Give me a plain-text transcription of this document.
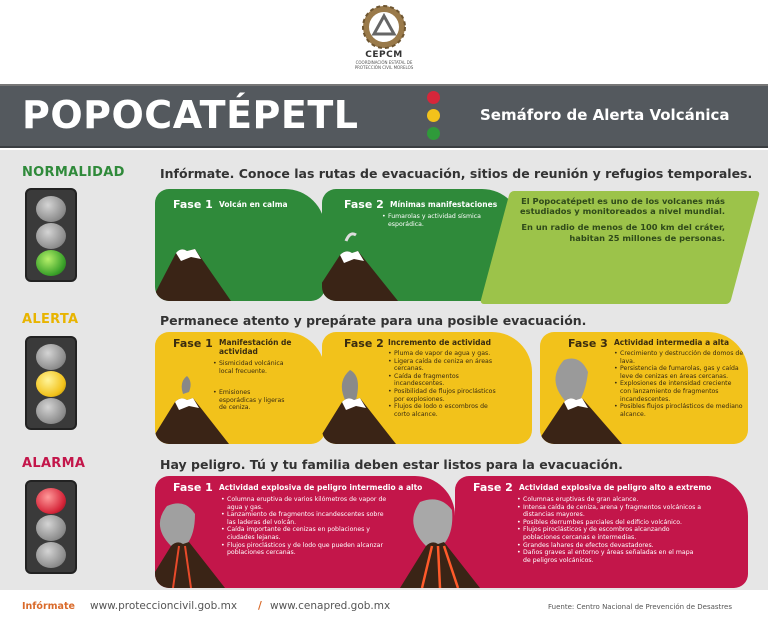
CEPCM
COORDINACIÓN ESTATAL DE PROTECCIÓN CIVIL MORELOS
POPOCATÉPETL	Semáforo de Alerta Volcánica
NORMALIDAD	Infórmate. Conoce las rutas de evacuación, sitios de reunión y refugios temporales.
Fase 1 Volcán en calma	Fase 2 Mínimas manifestaciones
• Fumarolas y actividad sísmica esporádica.
El Popocatépetl es uno de los volcanes más estudiados y monitoreados a nivel mundial.
En un radio de menos de 100 km del cráter, habitan 25 millones de personas.
ALERTA	Permanece atento y prepárate para una posible evacuación.
Fase 1 Manifestación de actividad
• Sismicidad volcánica local frecuente.
• Emisiones esporádicas y ligeras de ceniza.
Fase 2 Incremento de actividad
• Pluma de vapor de agua y gas.
• Ligera caída de ceniza en áreas cercanas.
• Caída de fragmentos incandescentes.
• Posibilidad de flujos piroclásticos por explosiones.
• Flujos de lodo o escombros de corto alcance.
Fase 3 Actividad intermedia a alta
• Crecimiento y destrucción de domos de lava.
• Persistencia de fumarolas, gas y caída leve de cenizas en áreas cercanas.
• Explosiones de intensidad creciente con lanzamiento de fragmentos incandescentes.
• Posibles flujos piroclásticos de mediano alcance.
ALARMA	Hay peligro. Tú y tu familia deben estar listos para la evacuación.
Fase 1 Actividad explosiva de peligro intermedio a alto
• Columna eruptiva de varios kilómetros de vapor de agua y gas.
• Lanzamiento de fragmentos incandescentes sobre las laderas del volcán.
• Caída importante de cenizas en poblaciones y ciudades lejanas.
• Flujos piroclásticos y de lodo que pueden alcanzar poblaciones cercanas.
Fase 2 Actividad explosiva de peligro alto a extremo
• Columnas eruptivas de gran alcance.
• Intensa caída de ceniza, arena y fragmentos volcánicos a distancias mayores.
• Posibles derrumbes parciales del edificio volcánico.
• Flujos piroclásticos y de escombros alcanzando poblaciones cercanas e intermedias.
• Grandes lahares de efectos devastadores.
• Daños graves al entorno y áreas señaladas en el mapa de peligros volcánicos.
Infórmate www.proteccioncivil.gob.mx / www.cenapred.gob.mx	Fuente: Centro Nacional de Prevención de Desastres
